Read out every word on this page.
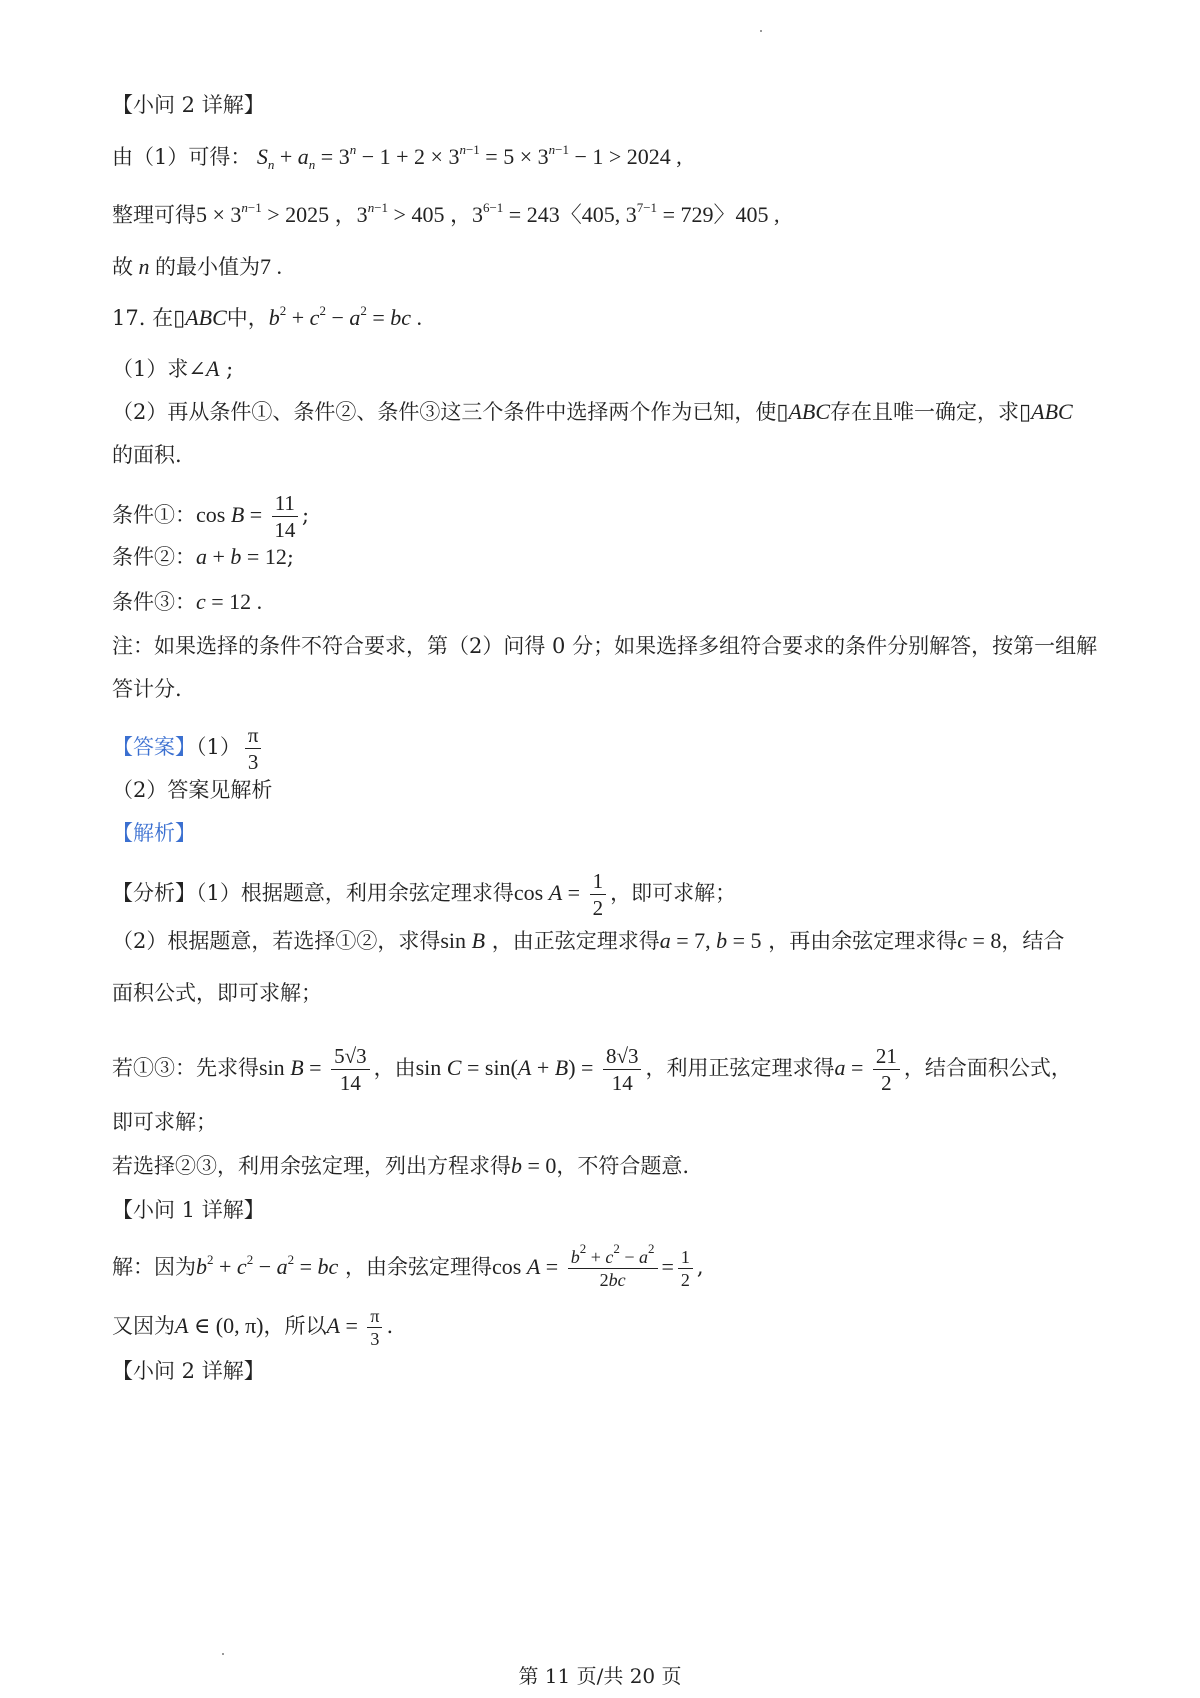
【小问 2 详解】
由（1）可得： $S_n + a_n = 3^n - 1 + 2 \times 3^{n-1} = 5 \times 3^{n-1} - 1 > 2024$ ,
整理可得$5 \times 3^{n-1} > 2025$ ，$3^{n-1} > 405$ ，$3^{6-1} = 243$〈405, $3^{7-1} = 729$〉405 ,
故 n 的最小值为7 .
17. 在▯ABC中，$b^2 + c^2 - a^2$ = bc .
（1）求∠A ;
（2）再从条件①、条件②、条件③这三个条件中选择两个作为已知，使▯ABC存在且唯一确定，求▯ABC
的面积.
条件①：$\cos B = \frac{11}{14}$ ;
条件②：a + b = 12;
条件③：c = 12 .
注：如果选择的条件不符合要求，第（2）问得 0 分；如果选择多组符合要求的条件分别解答，按第一组解
答计分.
【答案】$(1) \frac{\pi}{3}$
（2）答案见解析
【解析】
【分析】（1）根据题意，利用余弦定理求得$\cos A = \frac{1}{2}$ ，即可求解；
（2）根据题意，若选择①②，求得sin B ，由正弦定理求得a = 7, b = 5 ，再由余弦定理求得c = 8，结合
面积公式，即可求解；
若①③：先求得$\sin B = \frac{5√3}{14}$ ，由$\sin C = \sin(A + B) = \frac{8√3}{14}$ ，利用正弦定理求得$a = \frac{21}{2}$ ，结合面积公式，
即可求解；
若选择②③，利用余弦定理，列出方程求得b = 0，不符合题意.
【小问 1 详解】
解：因为$b^2 + c^2 - a^2$ = bc ，由余弦定理得$\cos A = \frac{b^2 + c^2 - a^2}{2bc} = \frac{1}{2}$ ,
又因为A ∈ (0, π)，所以$A = \frac{\pi}{3}$ .
【小问 2 详解】
第 11 页/共 20 页
